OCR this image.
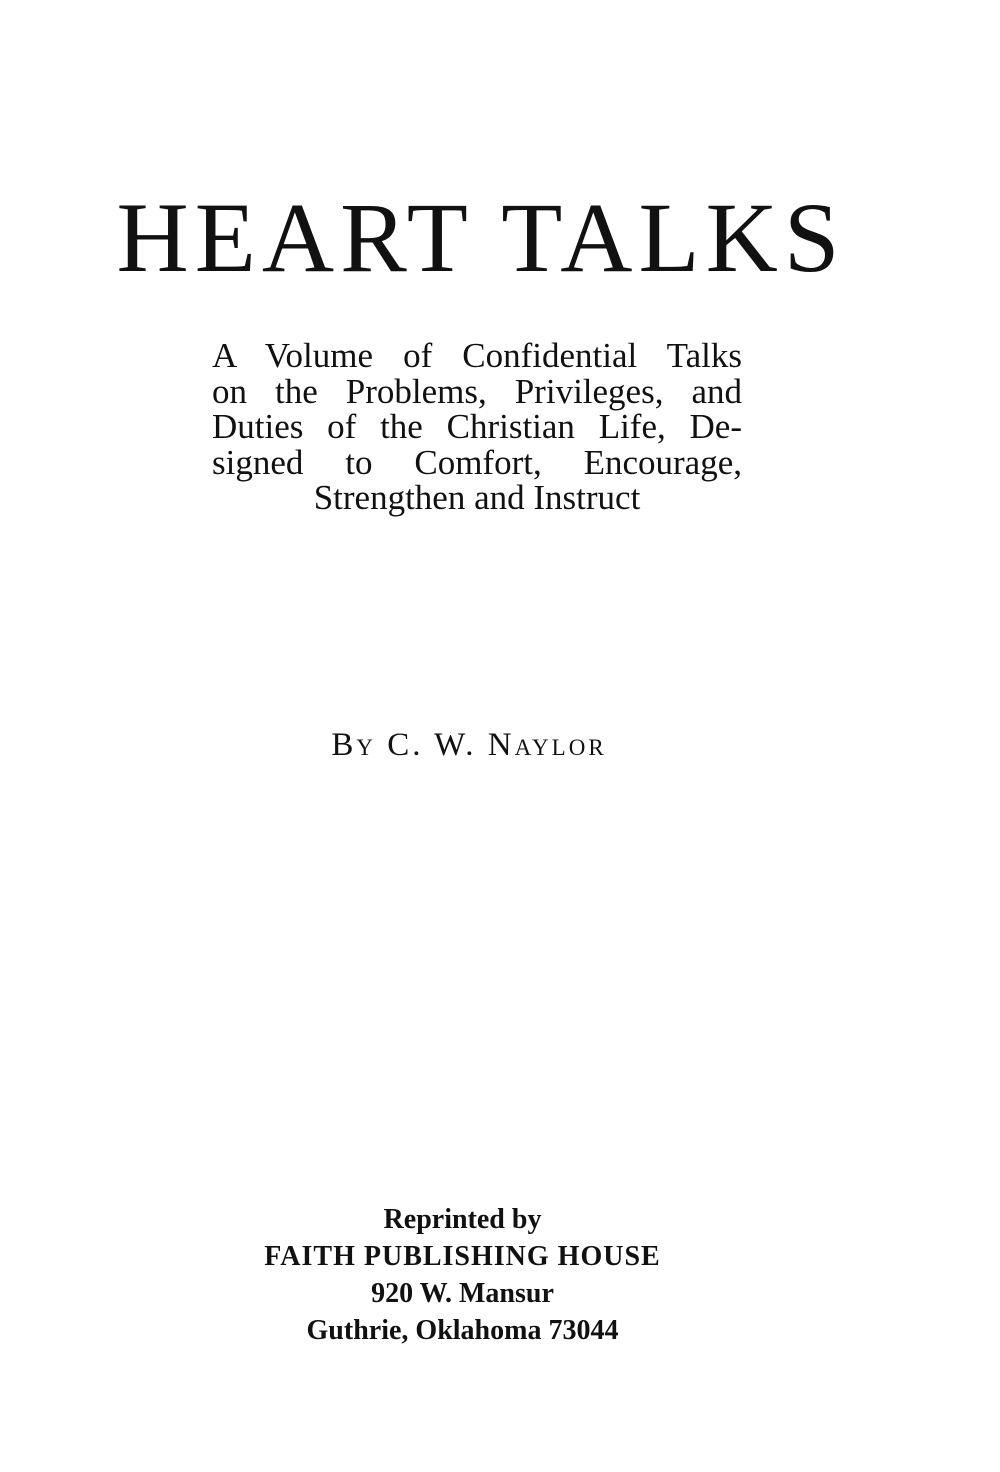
HEART TALKS
A Volume of Confidential Talks
on the Problems, Privileges, and
Duties of the Christian Life, De-
signed to Comfort, Encourage,
Strengthen and Instruct
By C. W. Naylor
Reprinted by
FAITH PUBLISHING HOUSE
920 W. Mansur
Guthrie, Oklahoma 73044
